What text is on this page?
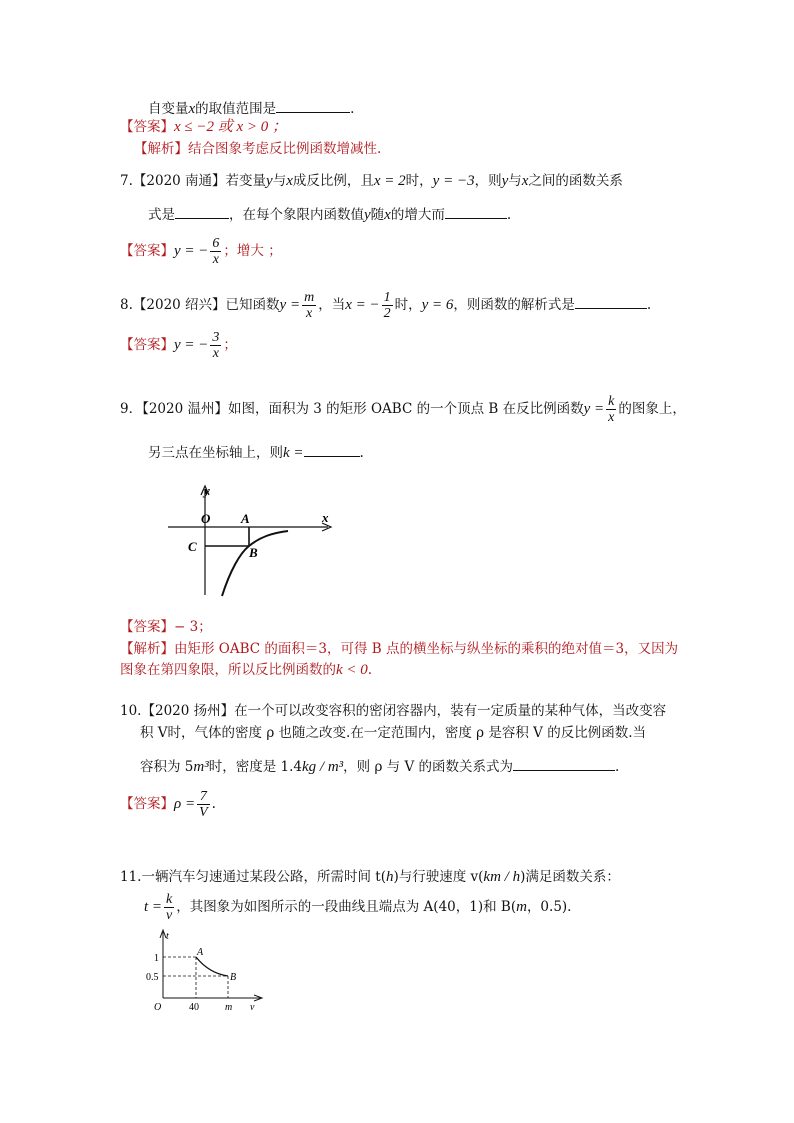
自变量x的取值范围是	.
【答案】x ≤ −2 或 x > 0 ；
【解析】结合图象考虑反比例函数增减性.
7.【2020 南通】若变量y与x成反比例，且x = 2时，y = −3，则y与x之间的函数关系
式是	，在每个象限内函数值y随x的增大而	.
【答案】y = − $\frac{6}{x}$ ；增大 ；
8.【2020 绍兴】已知函数$y = \frac{m}{x}$ ，当x = − $\frac{1}{2}$ 时，y = 6，则函数的解析式是	.
【答案】y = − $\frac{3}{x}$ ；
9．【2020 温州】如图，面积为 3 的矩形 OABC 的一个顶点 B 在反比例函数$y = \frac{k}{x}$ 的图象上，
另三点在坐标轴上，则k =	.
y
x
O A
C	B
【答案】− 3；
【解析】由矩形 OABC 的面积＝3，可得 B 点的横坐标与纵坐标的乘积的绝对值＝3，又因为
图象在第四象限，所以反比例函数的k < 0.
10.【2020 扬州】在一个可以改变容积的密闭容器内，装有一定质量的某种气体，当改变容
积 V时，气体的密度 ρ 也随之改变.在一定范围内，密度 ρ 是容积 V 的反比例函数.当
容积为 5m³时，密度是 1.4kg / m³，则 ρ 与 V 的函数关系式为	.
【答案】$\rho = \frac{7}{V}$ .
11.一辆汽车匀速通过某段公路，所需时间 t(h)与行驶速度 v(km / h)满足函数关系：
$t = \frac{k}{v}$ ，其图象为如图所示的一段曲线且端点为 A(40，1)和 B(m，0.5).
t
1
0.5
A
B
O	40	m v
